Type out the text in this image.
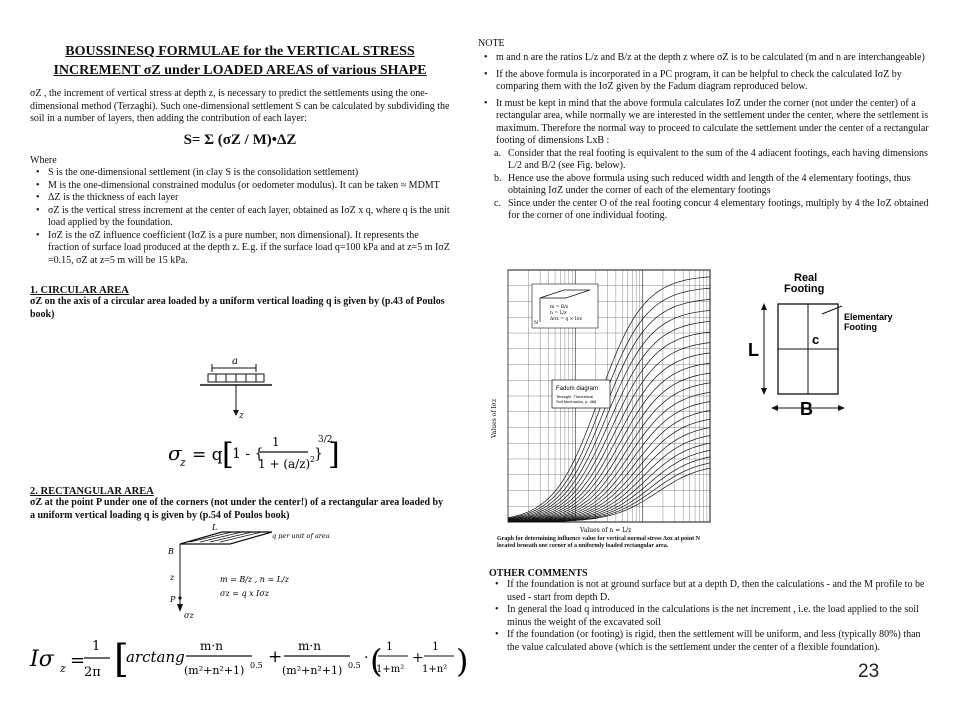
BOUSSINESQ FORMULAE for the VERTICAL STRESS
INCREMENT σZ under LOADED AREAS of various SHAPE

σZ , the increment of vertical stress at depth z, is necessary to predict the settlements using the one-dimensional method (Terzaghi). Such one-dimensional settlement S can be calculated by subdividing the soil in a number of layers, then adding the contribution of each layer:

S= Σ (σZ / M)•ΔZ

Where

• S is the one-dimensional settlement (in clay S is the consolidation settlement)
• M is the one-dimensional constrained modulus (or oedometer modulus). It can be taken ≈ MDMT
• ΔZ is the thickness of each layer
• σZ is the vertical stress increment at the center of each layer, obtained as IσZ x q, where q is the unit load applied by the foundation.
• IσZ is the σZ influence coefficient (IσZ is a pure number, non dimensional). It represents the fraction of surface load produced at the depth z. E.g. if the surface load q=100 kPa and at z=5 m IσZ =0.15, σZ at z=5 m will be 15 kPa.

1. CIRCULAR AREA

σZ on the axis of a circular area loaded by a uniform vertical loading q is given by (p.43 of Poulos book)

a
z
σ
z = q [
1 - {
1
1 + (a/z) 2
}
3/2
]

2. RECTANGULAR AREA

σZ at the point P under one of the corners (not under the center!) of a rectangular area loaded by a uniform vertical loading q is given by (p.54 of Poulos book)

L
B
q per unit of area
z
P
σz
m = B/z , n = L/z
σz = q x Iσz
Iσ z =
1
2π [
arctang
m·n
(m²+n²+1) 0.5 +
m·n
(m²+n²+1) 0.5 · ( 1
1+m²
+
1
1+n² )

NOTE

• m and n are the ratios L/z and B/z at the depth z where σZ is to be calculated (m and n are interchangeable)
• If the above formula is incorporated in a PC program, it can be helpful to check the calculated IσZ by comparing them with the IσZ given by the Fadum diagram reproduced below.
• It must be kept in mind that the above formula calculates IσZ under the corner (not under the center) of a rectangular area, while normally we are interested in the settlement under the center, where the settlement is maximum. Therefore the normal way to proceed to calculate the settlement under the center of a rectangular footing of dimensions LxB :
a. Consider that the real footing is equivalent to the sum of the 4 adiacent footings, each having dimensions L/2 and B/2 (see Fig. below).
b. Hence use the above formula using such reduced width and length of the 4 elementary footings, thus obtaining IσZ under the corner of each of the elementary footings
c. Since under the center O of the real footing concur 4 elementary footings, multiply by 4 the IσZ obtained for the corner of one individual footing.
N
m = B/z
n = L/z
Δσz = q × Iσz
Fadum diagram
Terzaghi, Theoretical
Soil Mechanics, p. 488
Values of Iσz
Values of n = L/z
Graph for determining influence value for vertical normal stress Δσz at point N located beneath one corner of a uniformly loaded rectangular area.
Real
Footing
c
Elementary
Footing
L
B

OTHER COMMENTS

• If the foundation is not at ground surface but at a depth D, then the calculations - and the M profile to be used - start from depth D.
• In general the load q introduced in the calculations is the net increment , i.e. the load applied to the soil minus the weight of the excavated soil
• If the foundation (or footing) is rigid, then the settlement will be uniform, and less (typically 80%) than the value calculated above (which is the settlement under the center of a flexible foundation).
23
